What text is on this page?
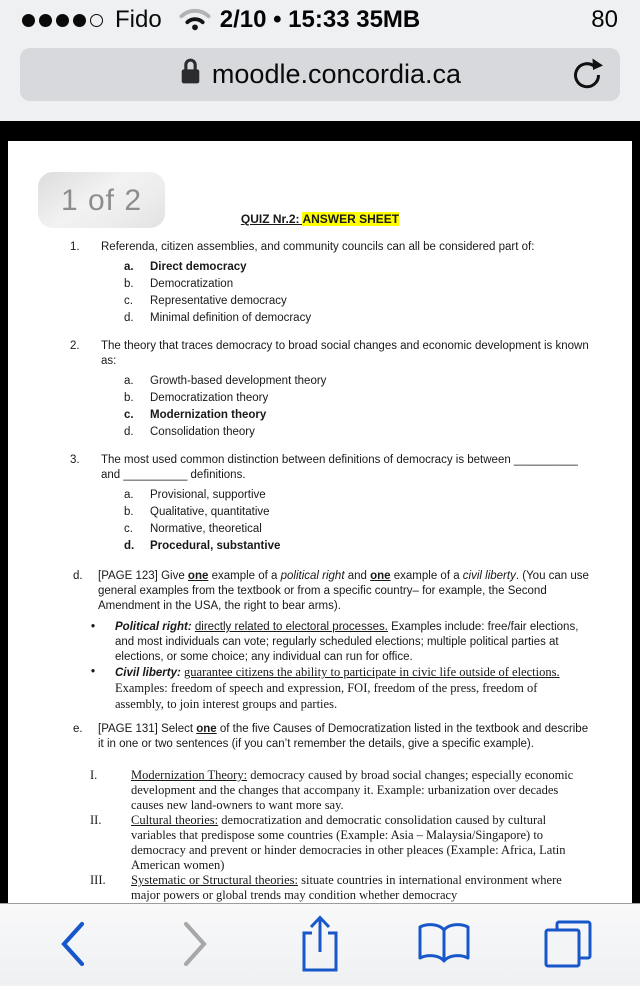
Fido	2/10 • 15:33 35MB	80
moodle.concordia.ca
1 of 2
QUIZ Nr.2: ANSWER SHEET
1.	Referenda, citizen assemblies, and community councils can all be considered part of:
a.	Direct democracy
b.	Democratization
c.	Representative democracy
d.	Minimal definition of democracy
2.	The theory that traces democracy to broad social changes and economic development is known as:
a.	Growth-based development theory
b.	Democratization theory
c.	Modernization theory
d.	Consolidation theory
3.	The most used common distinction between definitions of democracy is between __________ and __________ definitions.
a.	Provisional, supportive
b.	Qualitative, quantitative
c.	Normative, theoretical
d.	Procedural, substantive
d.	[PAGE 123] Give one example of a political right and one example of a civil liberty. (You can use general examples from the textbook or from a specific country– for example, the Second Amendment in the USA, the right to bear arms).
•	Political right: directly related to electoral processes. Examples include: free/fair elections, and most individuals can vote; regularly scheduled elections; multiple political parties at elections, or some choice; any individual can run for office.
•	Civil liberty: guarantee citizens the ability to participate in civic life outside of elections. Examples: freedom of speech and expression, FOI, freedom of the press, freedom of assembly, to join interest groups and parties.
e.	[PAGE 131] Select one of the five Causes of Democratization listed in the textbook and describe it in one or two sentences (if you can’t remember the details, give a specific example).
I.	Modernization Theory: democracy caused by broad social changes; especially economic development and the changes that accompany it. Example: urbanization over decades causes new land-owners to want more say.
II.	Cultural theories: democratization and democratic consolidation caused by cultural variables that predispose some countries (Example: Asia – Malaysia/Singapore) to democracy and prevent or hinder democracies in other pleaces (Example: Africa, Latin American women)
III.	Systematic or Structural theories: situate countries in international environment where major powers or global trends may condition whether democracy
